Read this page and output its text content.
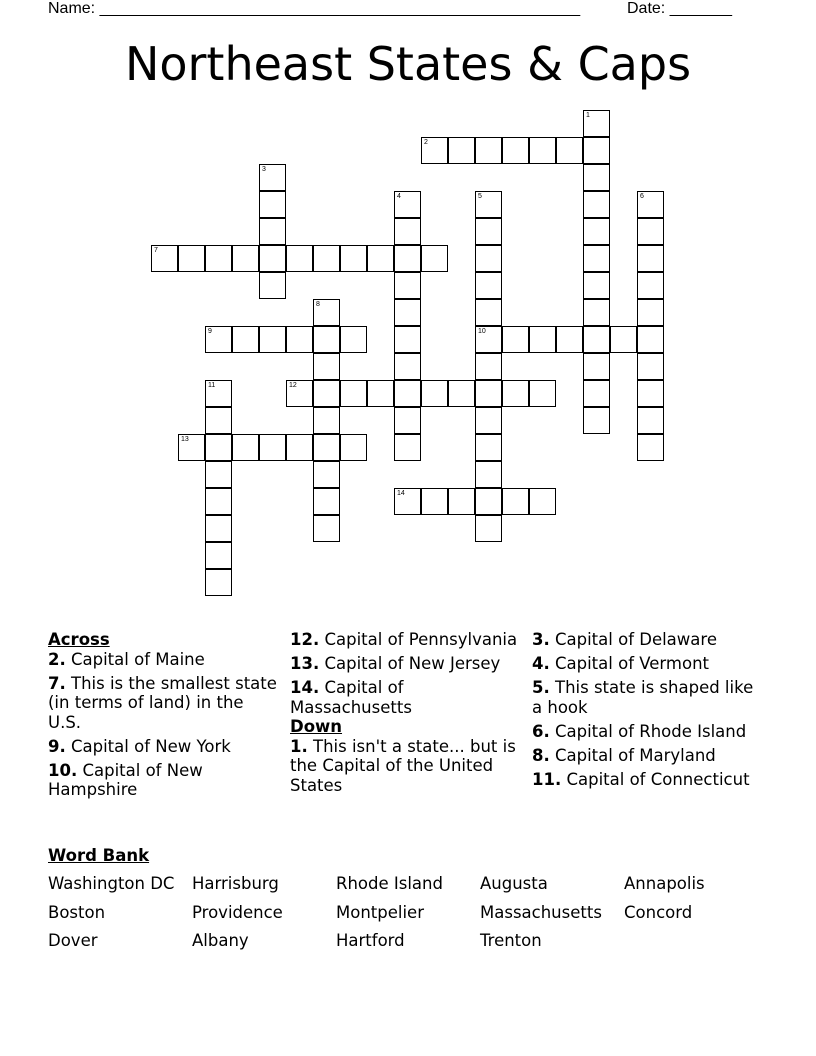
Name: ______________________________________________________	Date: _______
Northeast States & Caps
1
2
3
4	5
10
6
7
8
9
11	12
13
14
Across
2. Capital of Maine
7. This is the smallest state (in terms of land) in the U.S.
9. Capital of New York
10. Capital of New Hampshire
12. Capital of Pennsylvania
13. Capital of New Jersey
14. Capital of Massachusetts
Down
1. This isn't a state... but is the Capital of the United States
3. Capital of Delaware
4. Capital of Vermont
5. This state is shaped like a hook
6. Capital of Rhode Island
8. Capital of Maryland
11. Capital of Connecticut
Word Bank
Washington DC	Harrisburg	Rhode Island	Augusta	Annapolis
Boston	Providence	Montpelier	Massachusetts	Concord
Dover	Albany	Hartford	Trenton
